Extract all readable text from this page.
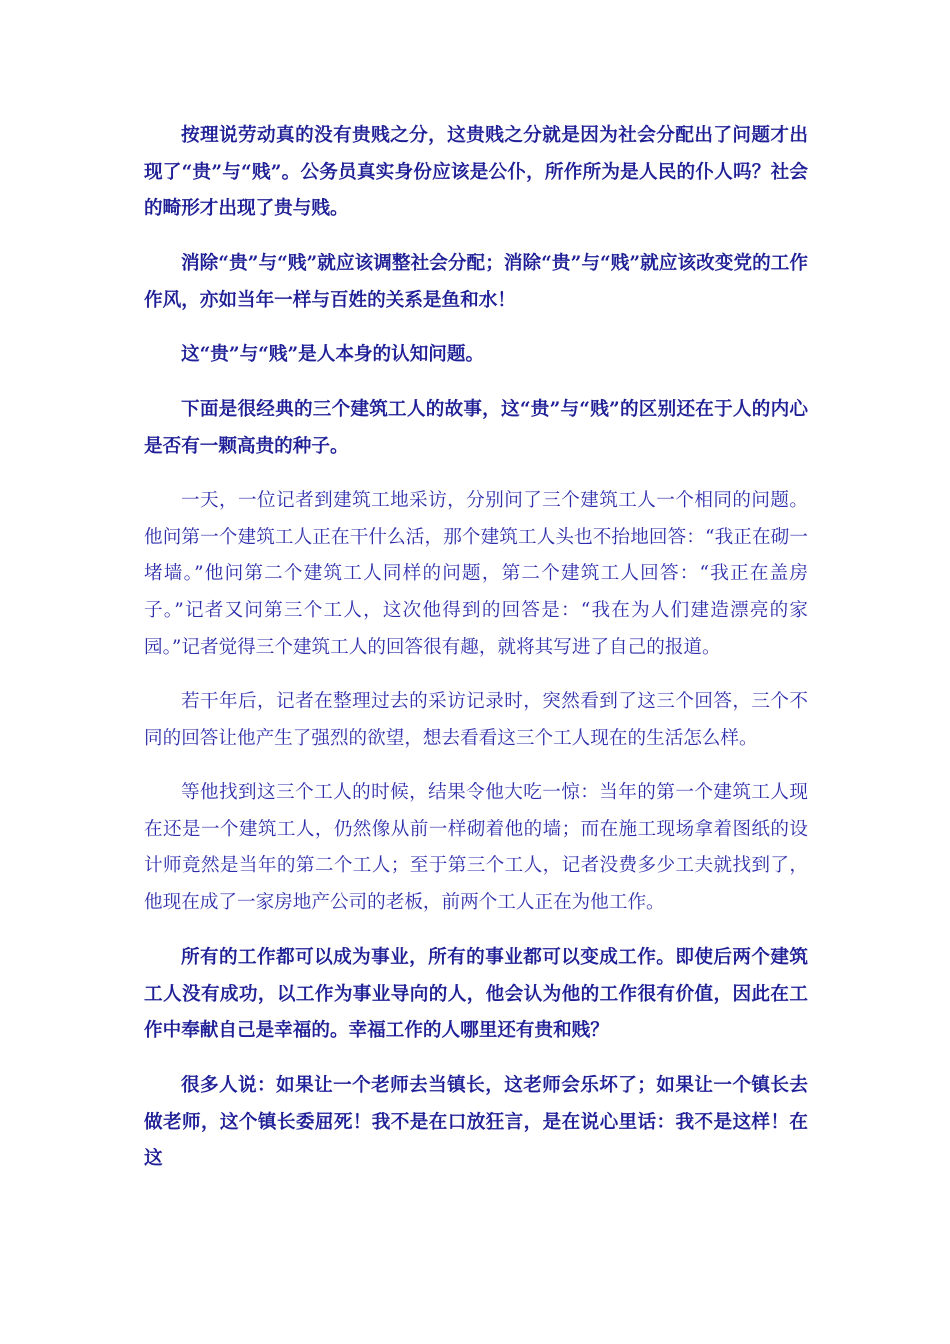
按理说劳动真的没有贵贱之分，这贵贱之分就是因为社会分配出了问题才出现了“贵”与“贱”。公务员真实身份应该是公仆，所作所为是人民的仆人吗？社会的畸形才出现了贵与贱。

消除“贵”与“贱”就应该调整社会分配；消除“贵”与“贱”就应该改变党的工作作风，亦如当年一样与百姓的关系是鱼和水！

这“贵”与“贱”是人本身的认知问题。

下面是很经典的三个建筑工人的故事，这“贵”与“贱”的区别还在于人的内心是否有一颗高贵的种子。

一天，一位记者到建筑工地采访，分别问了三个建筑工人一个相同的问题。他问第一个建筑工人正在干什么活，那个建筑工人头也不抬地回答：“我正在砌一堵墙。”他问第二个建筑工人同样的问题，第二个建筑工人回答：“我正在盖房子。”记者又问第三个工人，这次他得到的回答是：“我在为人们建造漂亮的家园。”记者觉得三个建筑工人的回答很有趣，就将其写进了自己的报道。

若干年后，记者在整理过去的采访记录时，突然看到了这三个回答，三个不同的回答让他产生了强烈的欲望，想去看看这三个工人现在的生活怎么样。

等他找到这三个工人的时候，结果令他大吃一惊：当年的第一个建筑工人现在还是一个建筑工人，仍然像从前一样砌着他的墙；而在施工现场拿着图纸的设计师竟然是当年的第二个工人；至于第三个工人，记者没费多少工夫就找到了，他现在成了一家房地产公司的老板，前两个工人正在为他工作。

所有的工作都可以成为事业，所有的事业都可以变成工作。即使后两个建筑工人没有成功，以工作为事业导向的人，他会认为他的工作很有价值，因此在工作中奉献自己是幸福的。幸福工作的人哪里还有贵和贱？

很多人说：如果让一个老师去当镇长，这老师会乐坏了；如果让一个镇长去做老师，这个镇长委屈死！我不是在口放狂言，是在说心里话：我不是这样！在这
